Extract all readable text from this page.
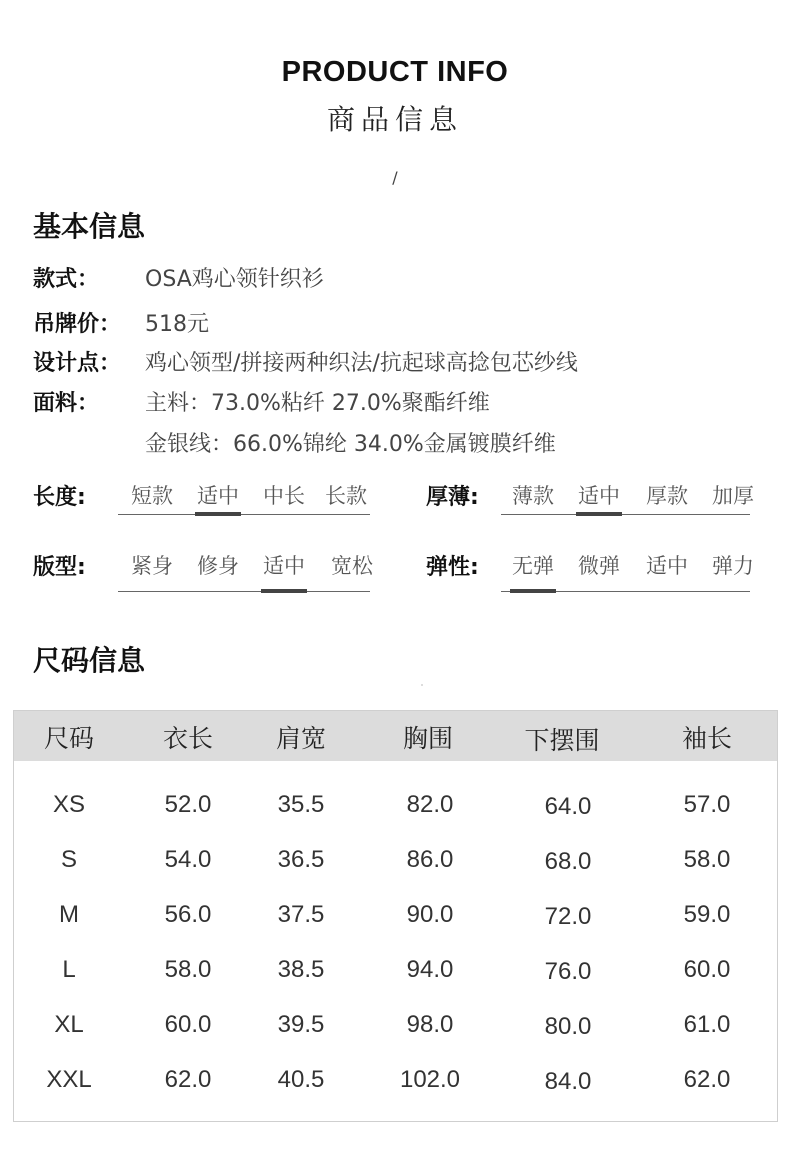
PRODUCT INFO
商品信息
/
基本信息
款式：	OSA鸡心领针织衫
吊牌价：	518元
设计点：	鸡心领型/拼接两种织法/抗起球高捻包芯纱线
面料：	主料：73.0%粘纤 27.0%聚酯纤维
金银线：66.0%锦纶 34.0%金属镀膜纤维
长度:	短款	适中	中长 长款	厚薄:	薄款	适中	厚款	加厚
版型:	紧身	修身	适中	宽松	弹性:	无弹	微弹	适中	弹力
尺码信息
尺码	衣长	肩宽	胸围	下摆围	袖长
XS	52.0	35.5	82.0	64.0	57.0
S	54.0	36.5	86.0	68.0	58.0
M	56.0	37.5	90.0	72.0	59.0
L	58.0	38.5	94.0	76.0	60.0
XL	60.0	39.5	98.0	80.0	61.0
XXL	62.0	40.5	102.0	84.0	62.0
